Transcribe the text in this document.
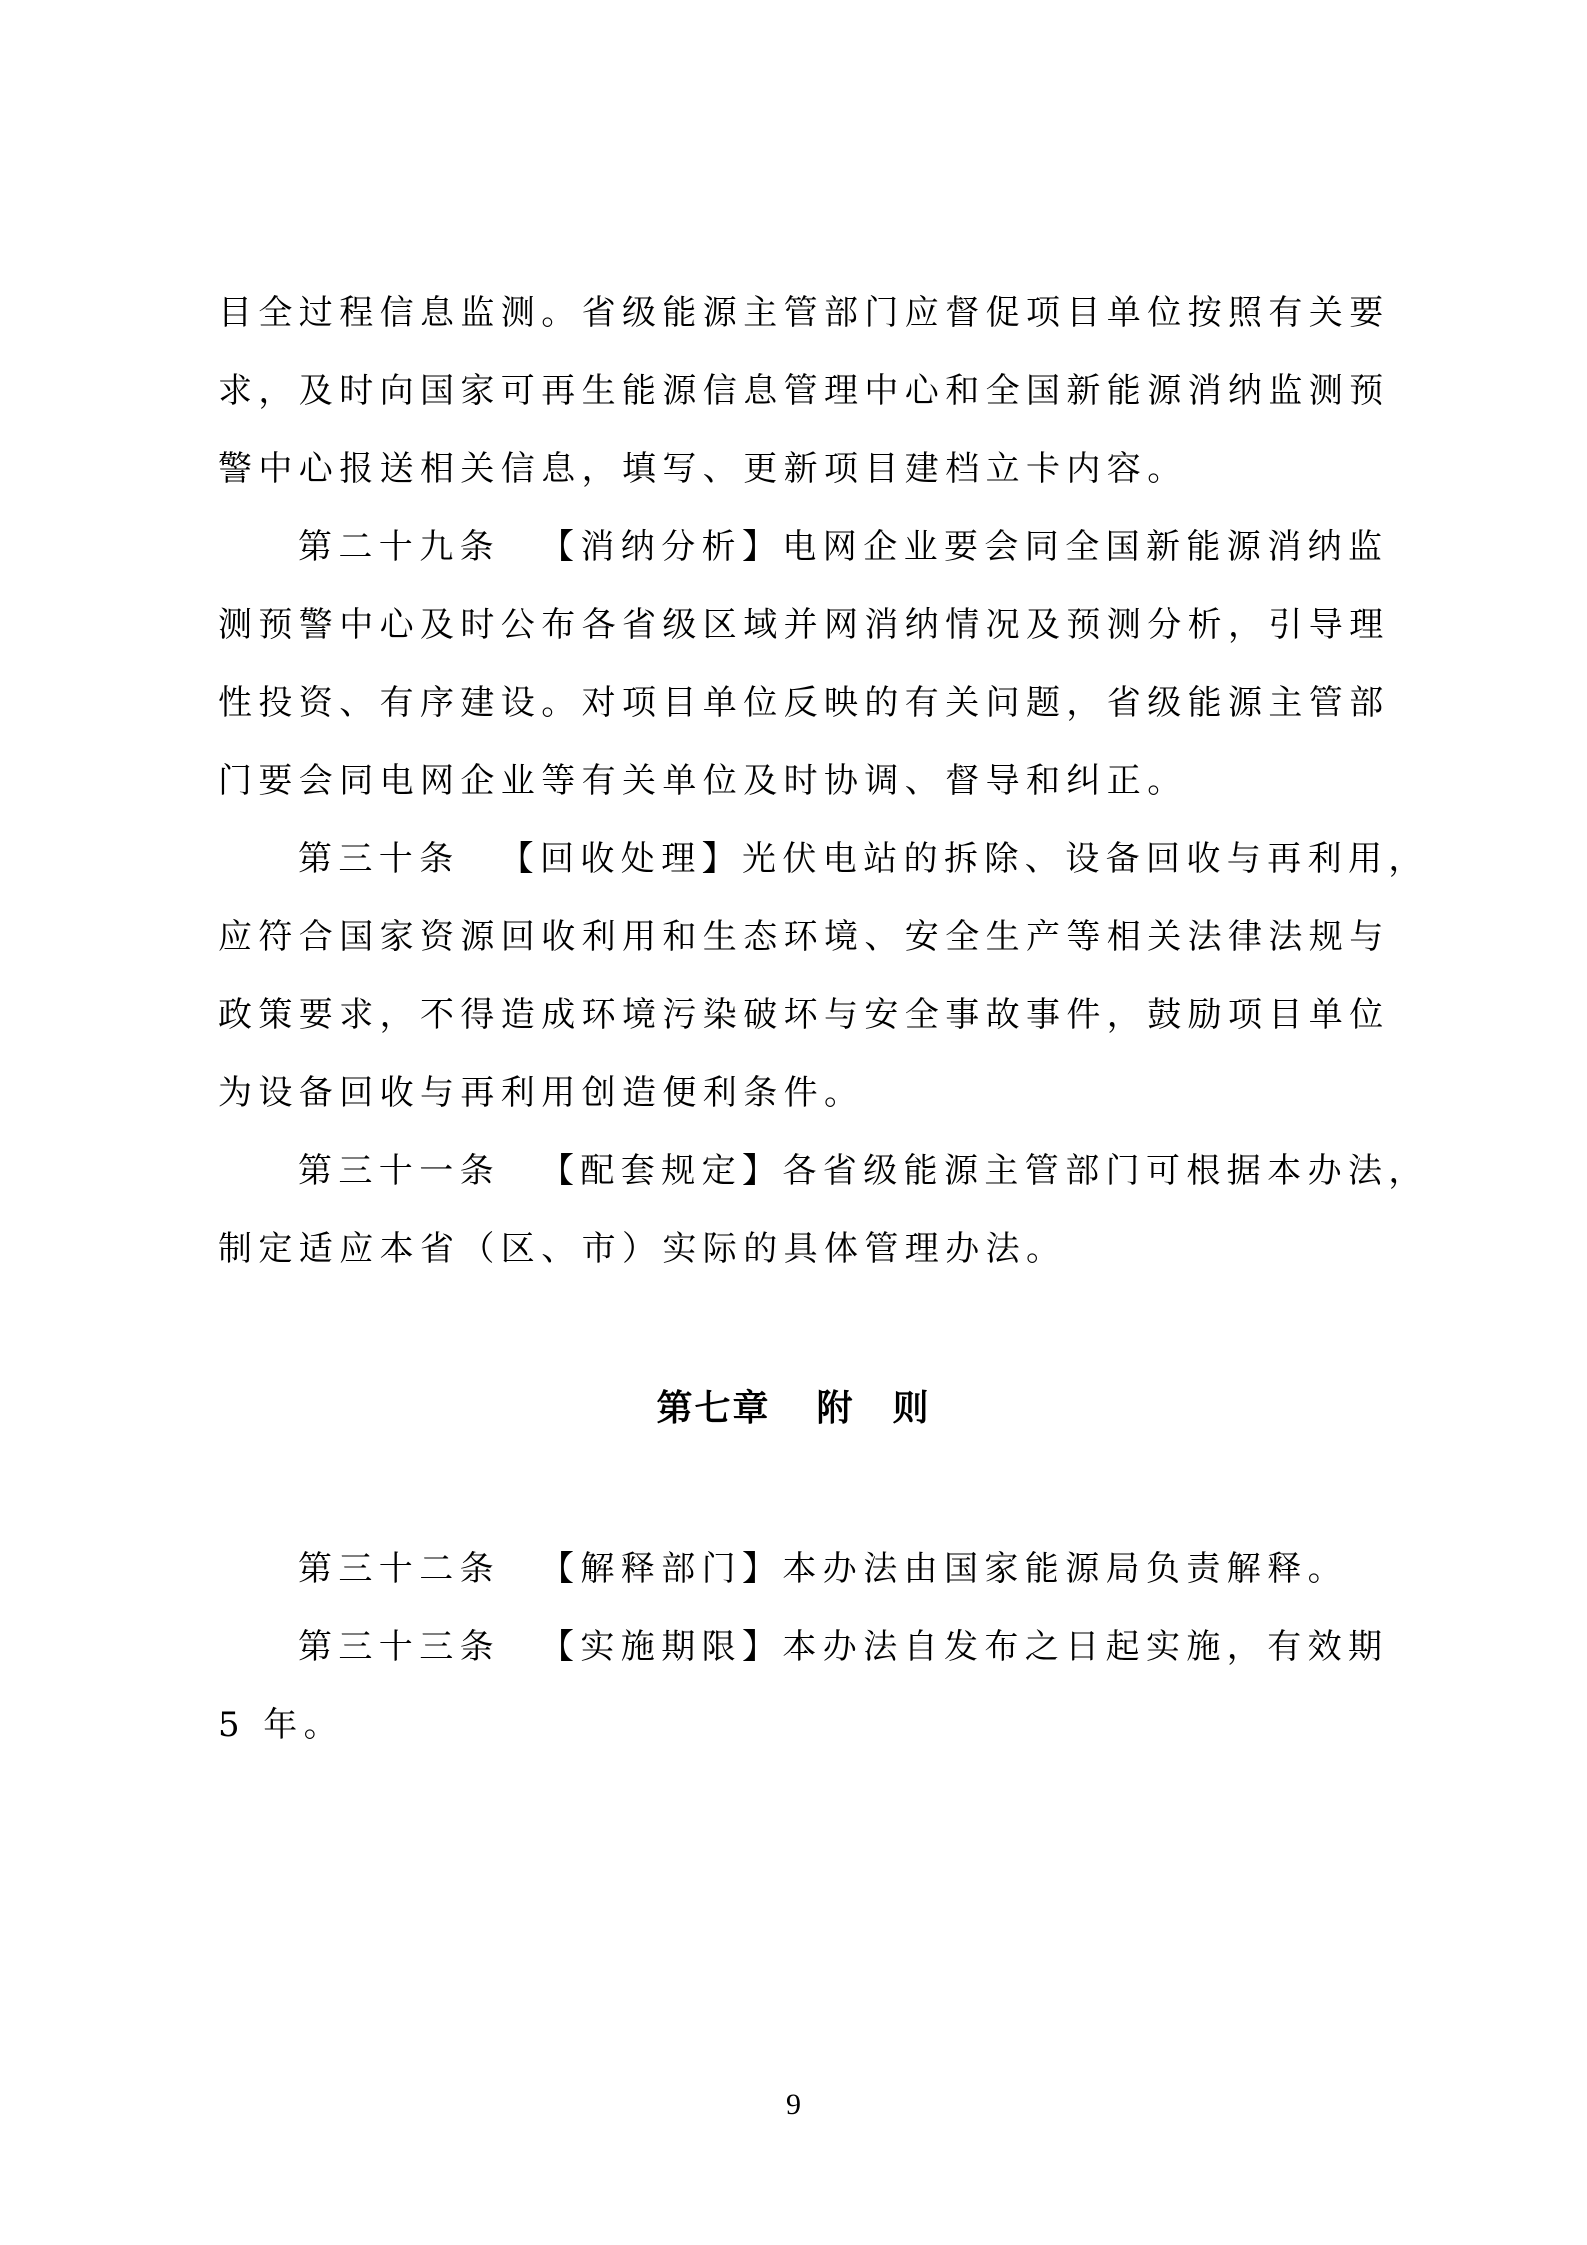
目全过程信息监测。省级能源主管部门应督促项目单位按照有关要
求，及时向国家可再生能源信息管理中心和全国新能源消纳监测预
警中心报送相关信息，填写、更新项目建档立卡内容。
第二十九条 【消纳分析】电网企业要会同全国新能源消纳监
测预警中心及时公布各省级区域并网消纳情况及预测分析，引导理
性投资、有序建设。对项目单位反映的有关问题，省级能源主管部
门要会同电网企业等有关单位及时协调、督导和纠正。
第三十条 【回收处理】光伏电站的拆除、设备回收与再利用，
应符合国家资源回收利用和生态环境、安全生产等相关法律法规与
政策要求，不得造成环境污染破坏与安全事故事件，鼓励项目单位
为设备回收与再利用创造便利条件。
第三十一条 【配套规定】各省级能源主管部门可根据本办法，
制定适应本省（区、市）实际的具体管理办法。
第七章 附　则
第三十二条 【解释部门】本办法由国家能源局负责解释。
第三十三条 【实施期限】本办法自发布之日起实施，有效期
5 年。
9
